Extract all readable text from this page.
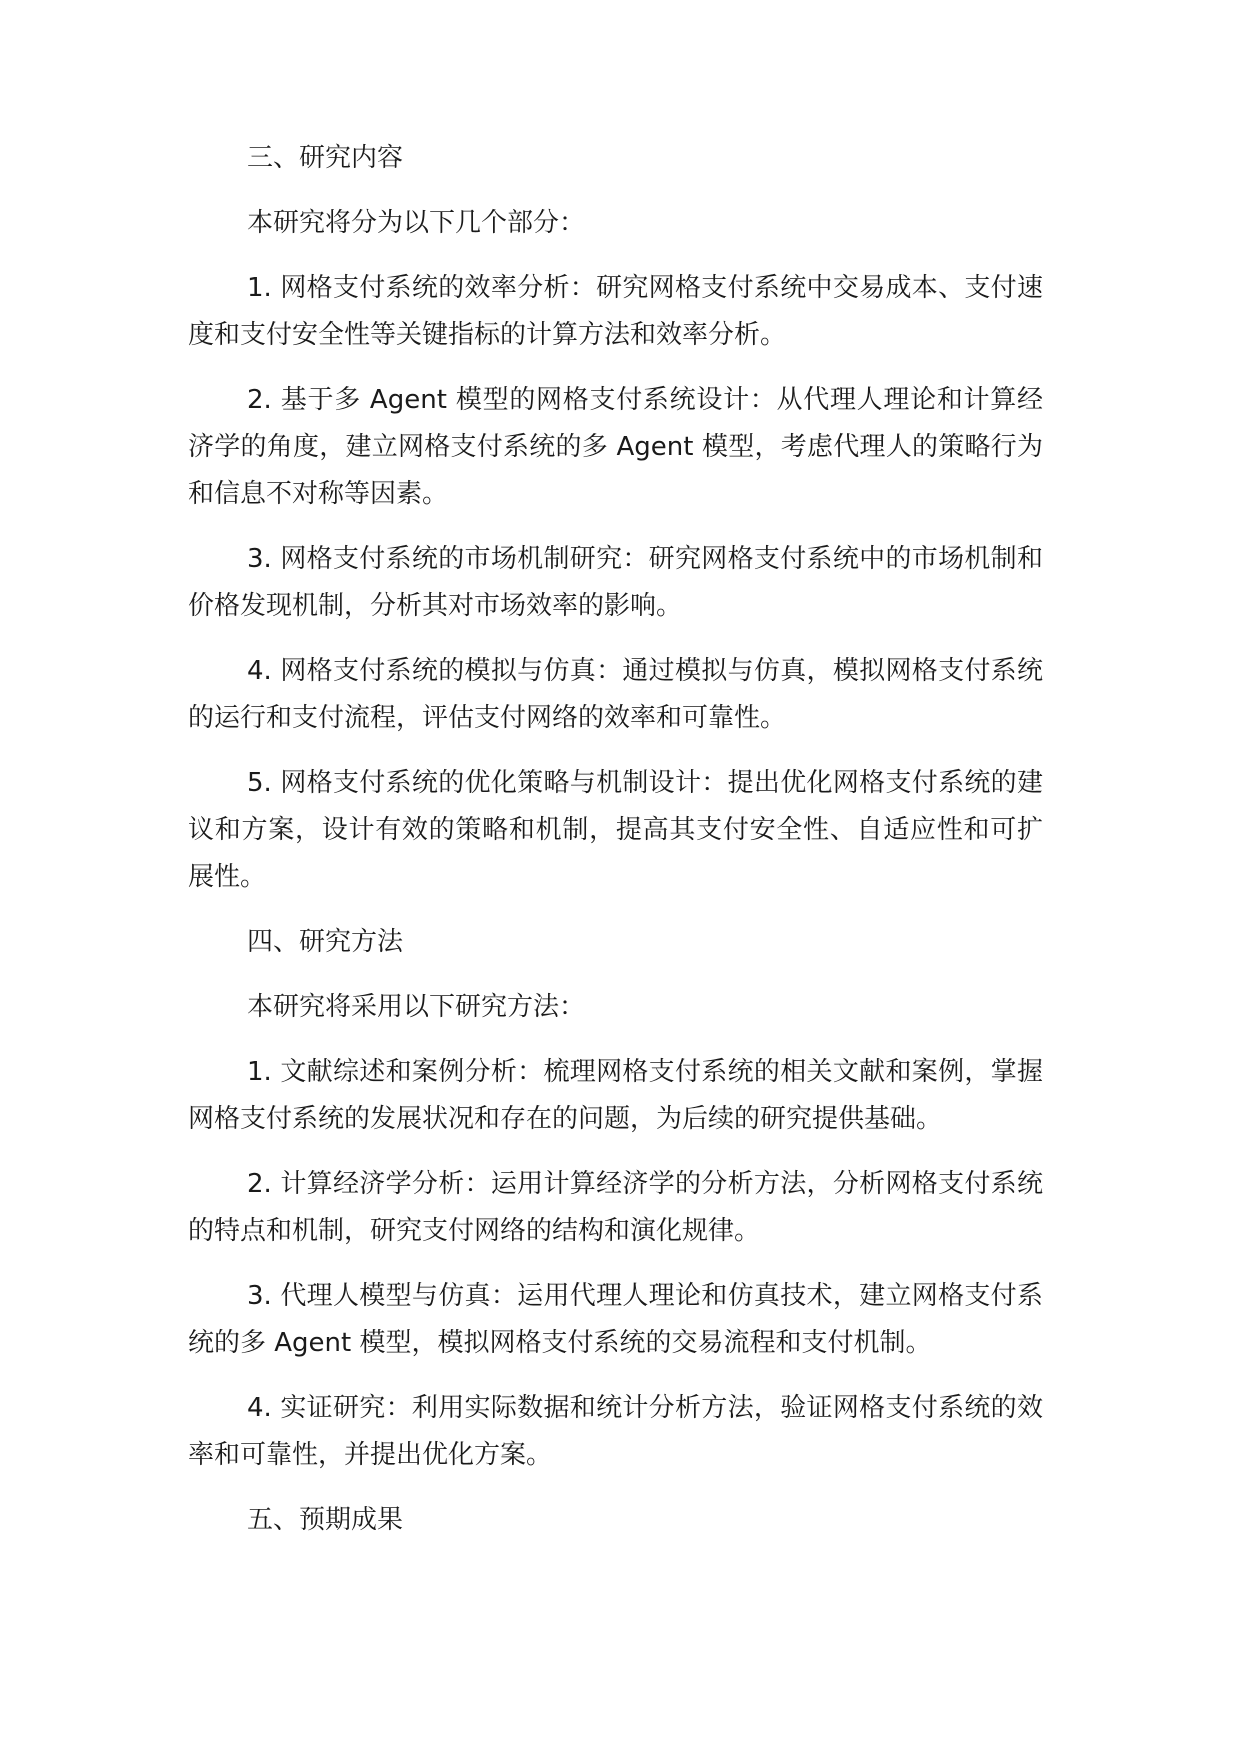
三、研究内容

本研究将分为以下几个部分：

1. 网格支付系统的效率分析：研究网格支付系统中交易成本、支付速度和支付安全性等关键指标的计算方法和效率分析。

2. 基于多 Agent 模型的网格支付系统设计：从代理人理论和计算经济学的角度，建立网格支付系统的多 Agent 模型，考虑代理人的策略行为和信息不对称等因素。

3. 网格支付系统的市场机制研究：研究网格支付系统中的市场机制和价格发现机制，分析其对市场效率的影响。

4. 网格支付系统的模拟与仿真：通过模拟与仿真，模拟网格支付系统的运行和支付流程，评估支付网络的效率和可靠性。

5. 网格支付系统的优化策略与机制设计：提出优化网格支付系统的建议和方案，设计有效的策略和机制，提高其支付安全性、自适应性和可扩展性。

四、研究方法

本研究将采用以下研究方法：

1. 文献综述和案例分析：梳理网格支付系统的相关文献和案例，掌握网格支付系统的发展状况和存在的问题，为后续的研究提供基础。

2. 计算经济学分析：运用计算经济学的分析方法，分析网格支付系统的特点和机制，研究支付网络的结构和演化规律。

3. 代理人模型与仿真：运用代理人理论和仿真技术，建立网格支付系统的多 Agent 模型，模拟网格支付系统的交易流程和支付机制。

4. 实证研究：利用实际数据和统计分析方法，验证网格支付系统的效率和可靠性，并提出优化方案。

五、预期成果
